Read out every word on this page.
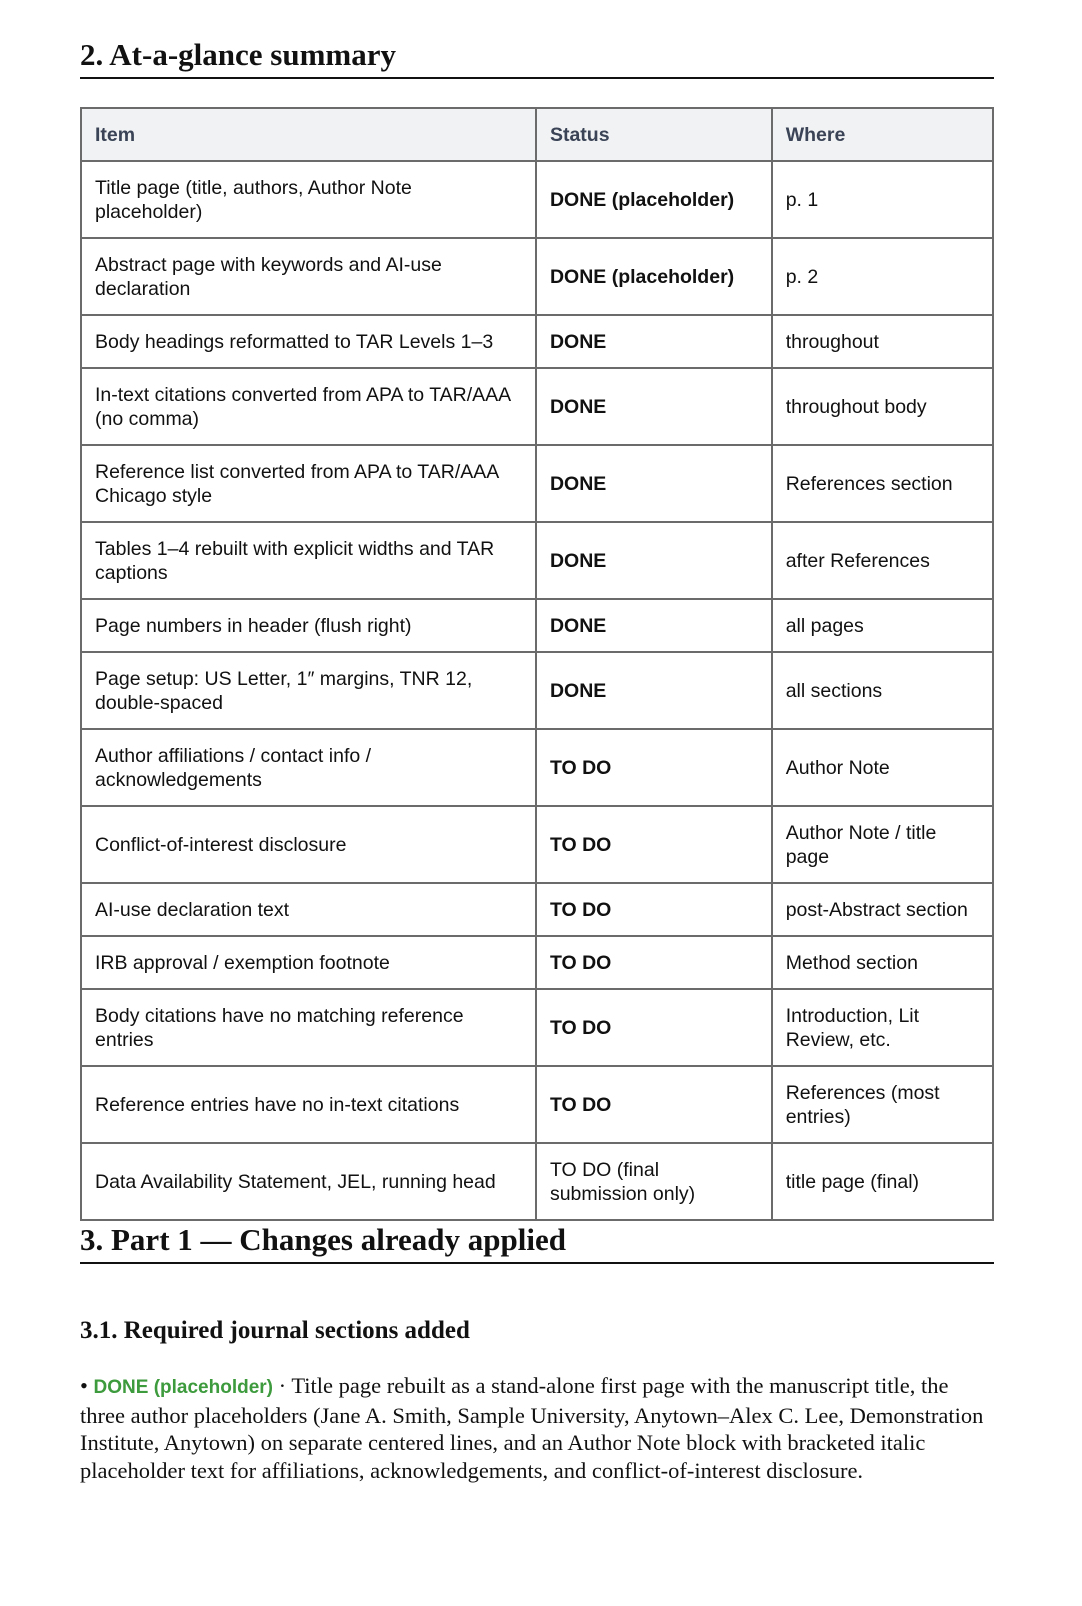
2. At-a-glance summary
Item	Status	Where
Title page (title, authors, Author Note placeholder)	DONE (placeholder)	p. 1
Abstract page with keywords and AI-use declaration	DONE (placeholder)	p. 2
Body headings reformatted to TAR Levels 1–3	DONE	throughout
In-text citations converted from APA to TAR/AAA (no comma)	DONE	throughout body
Reference list converted from APA to TAR/AAA Chicago style	DONE	References section
Tables 1–4 rebuilt with explicit widths and TAR captions	DONE	after References
Page numbers in header (flush right)	DONE	all pages
Page setup: US Letter, 1″ margins, TNR 12, double-spaced	DONE	all sections
Author affiliations / contact info / acknowledgements	TO DO	Author Note
Conflict-of-interest disclosure	TO DO	Author Note / title page
AI-use declaration text	TO DO	post-Abstract section
IRB approval / exemption footnote	TO DO	Method section
Body citations have no matching reference entries	TO DO	Introduction, Lit Review, etc.
Reference entries have no in-text citations	TO DO	References (most entries)
Data Availability Statement, JEL, running head	TO DO (final submission only)	title page (final)
3. Part 1 — Changes already applied
3.1. Required journal sections added

• DONE (placeholder) · Title page rebuilt as a stand-alone first page with the manuscript title, the three author placeholders (Jane A. Smith, Sample University, Anytown–Alex C. Lee, Demonstration Institute, Anytown) on separate centered lines, and an Author Note block with bracketed italic placeholder text for affiliations, acknowledgements, and conflict-of-interest disclosure.
